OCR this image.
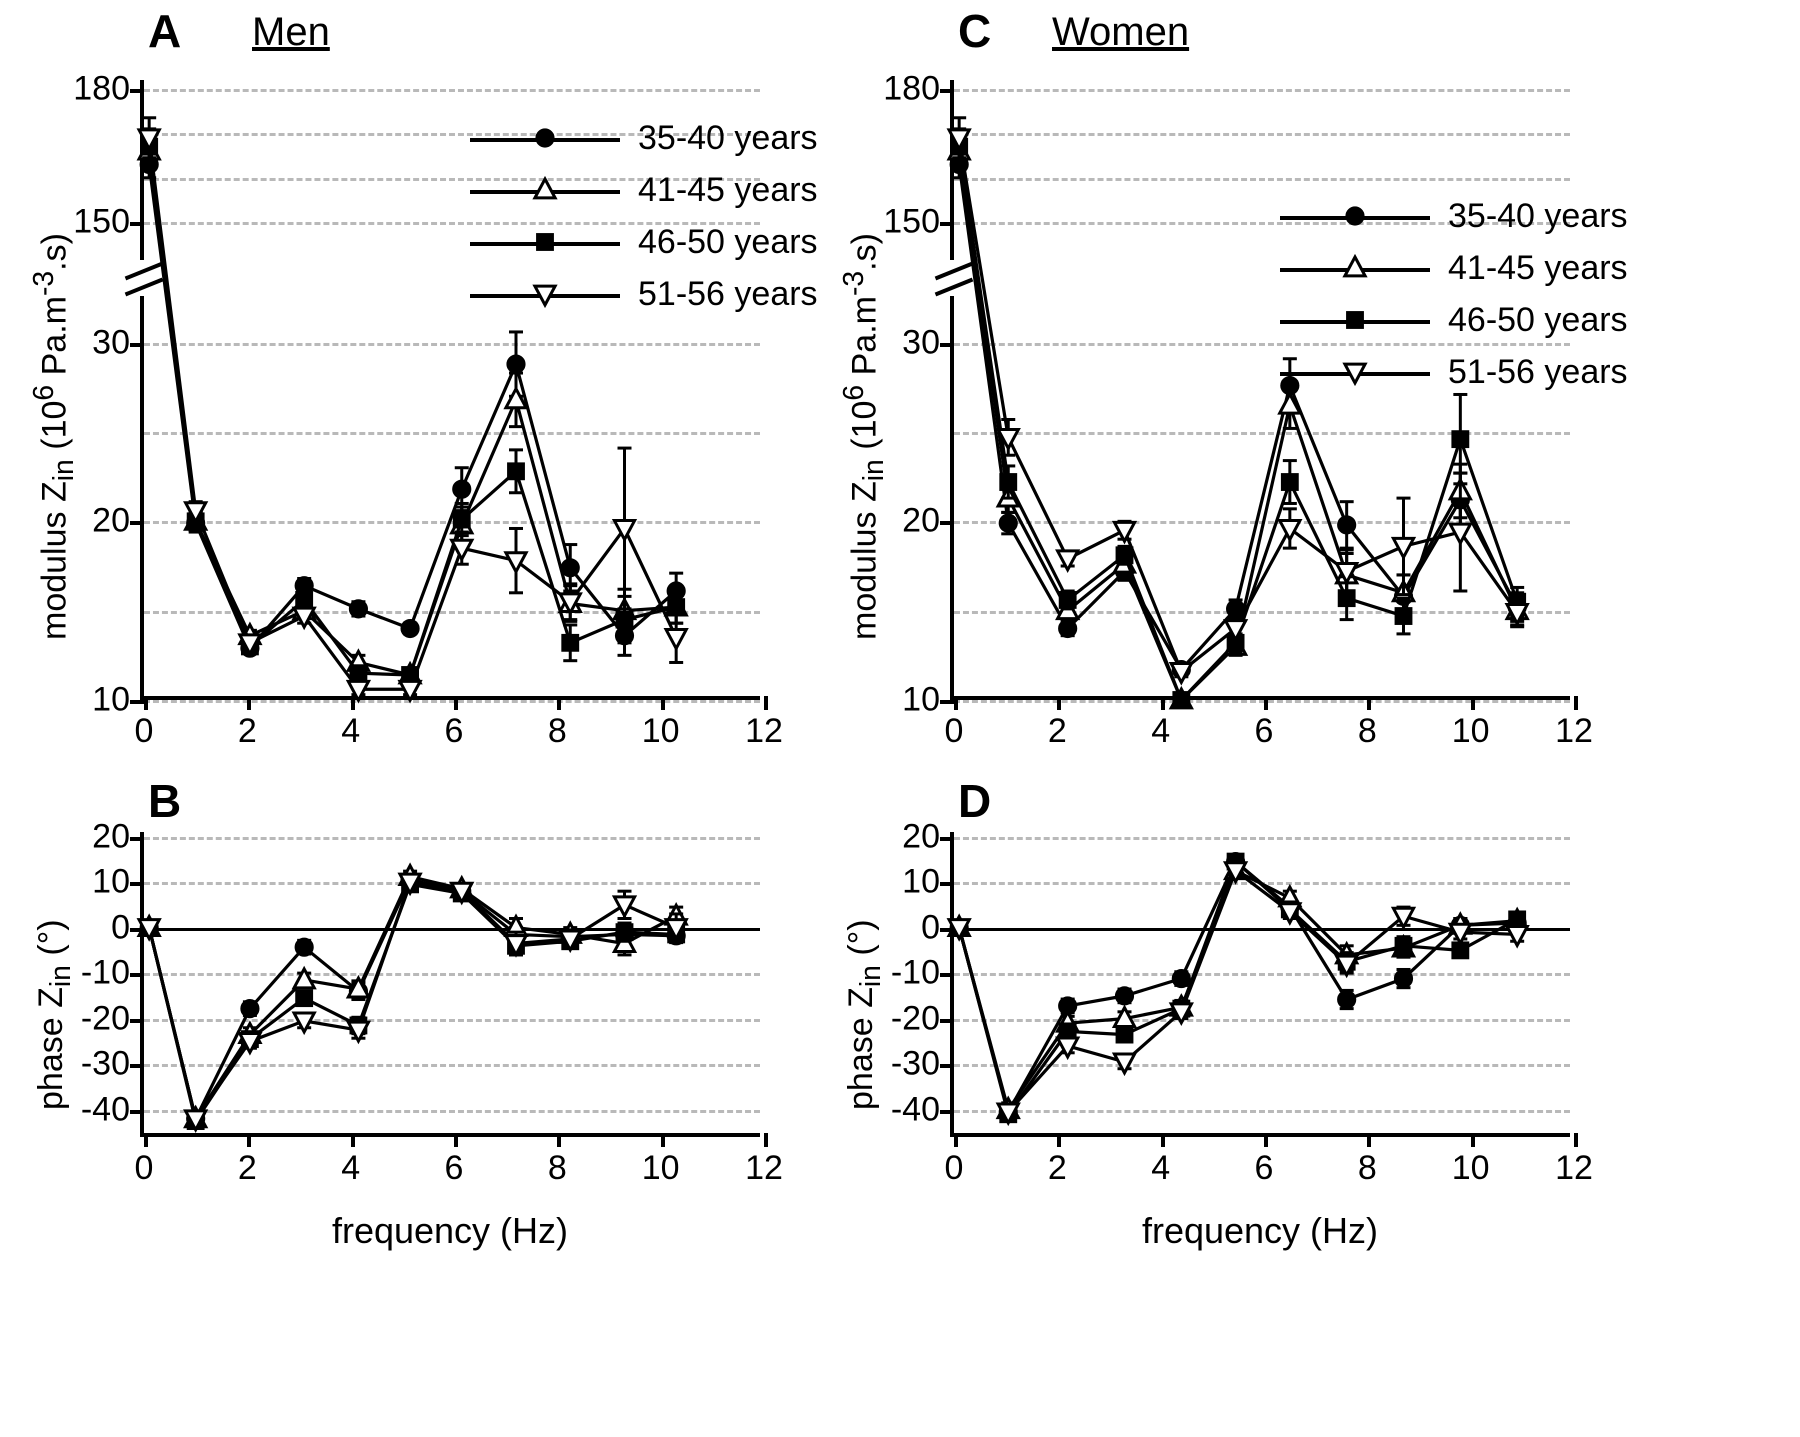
A Men
10
20
30
150
180
0 2 4 6 8 10 12
modulus $Z_{in}$ ($10^6$ $Pa.m^{-3}.s$)
35-40 years
41-45 years
46-50 years
51-56 years
B
-40
-30
-20
-10
0
10
20
0 2 4 6 8 10 12
phase $Z_{in}$ (°)
frequency (Hz)
C Women
10
20
30
150
180
0 2 4 6 8 10 12
modulus $Z_{in}$ ($10^6$ $Pa.m^{-3}.s$)
35-40 years
41-45 years
46-50 years
51-56 years
D
-40
-30
-20
-10
0
10
20
0 2 4 6 8 10 12
phase $Z_{in}$ (°)
frequency (Hz)
